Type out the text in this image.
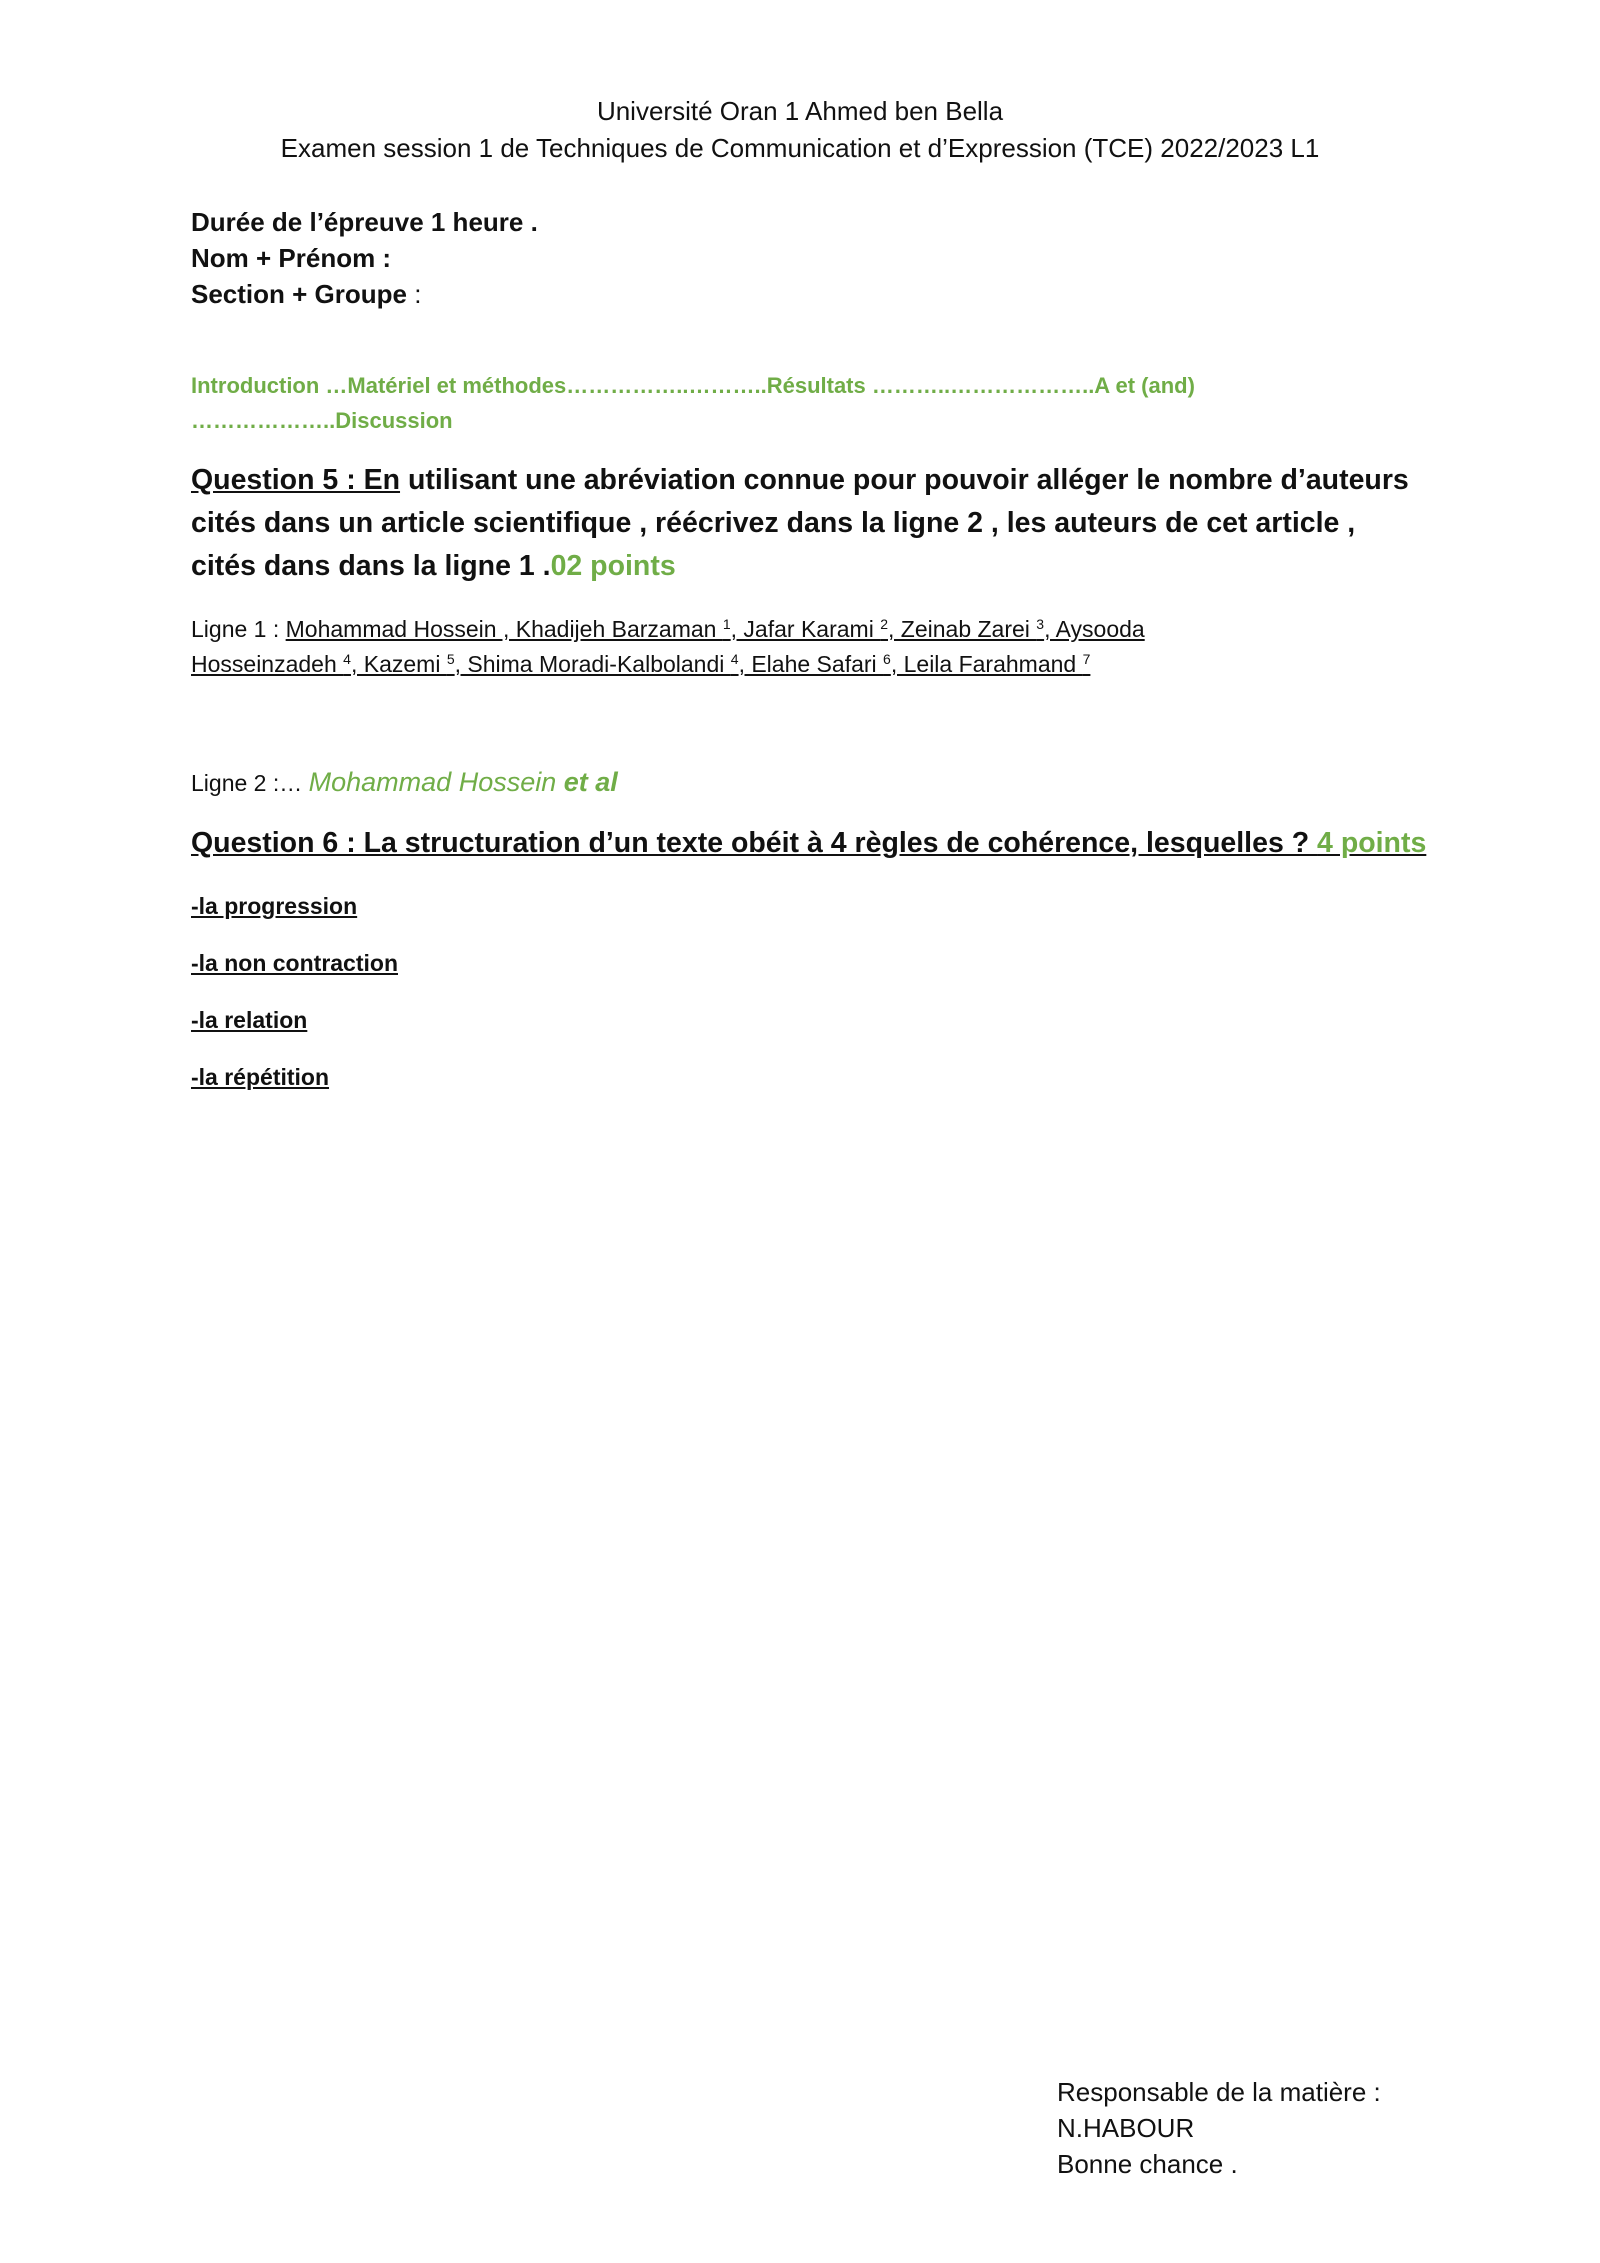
Université Oran 1 Ahmed ben Bella
Examen session 1 de Techniques de Communication et d’Expression (TCE) 2022/2023 L1
Durée de l’épreuve 1 heure .
Nom + Prénom :
Section + Groupe :
Introduction …Matériel et méthodes……………..………..Résultats ………..………………..A et (and)
………………..Discussion
Question 5 : En utilisant une abréviation connue pour pouvoir alléger le nombre d’auteurs
cités dans un article scientifique , réécrivez dans la ligne 2 , les auteurs de cet article ,
cités dans dans la ligne 1 .02 points
Ligne 1 : Mohammad Hossein , Khadijeh Barzaman $^1$, Jafar Karami $^2$, Zeinab Zarei $^3$, Aysooda
Hosseinzadeh $^4$, Kazemi $^5$, Shima Moradi-Kalbolandi $^4$, Elahe Safari $^6$, Leila Farahmand $^7$
Ligne 2 :… Mohammad Hossein et al
Question 6 : La structuration d’un texte obéit à 4 règles de cohérence, lesquelles ? 4 points
-la progression
-la non contraction
-la relation
-la répétition
Responsable de la matière :
N.HABOUR
Bonne chance .
